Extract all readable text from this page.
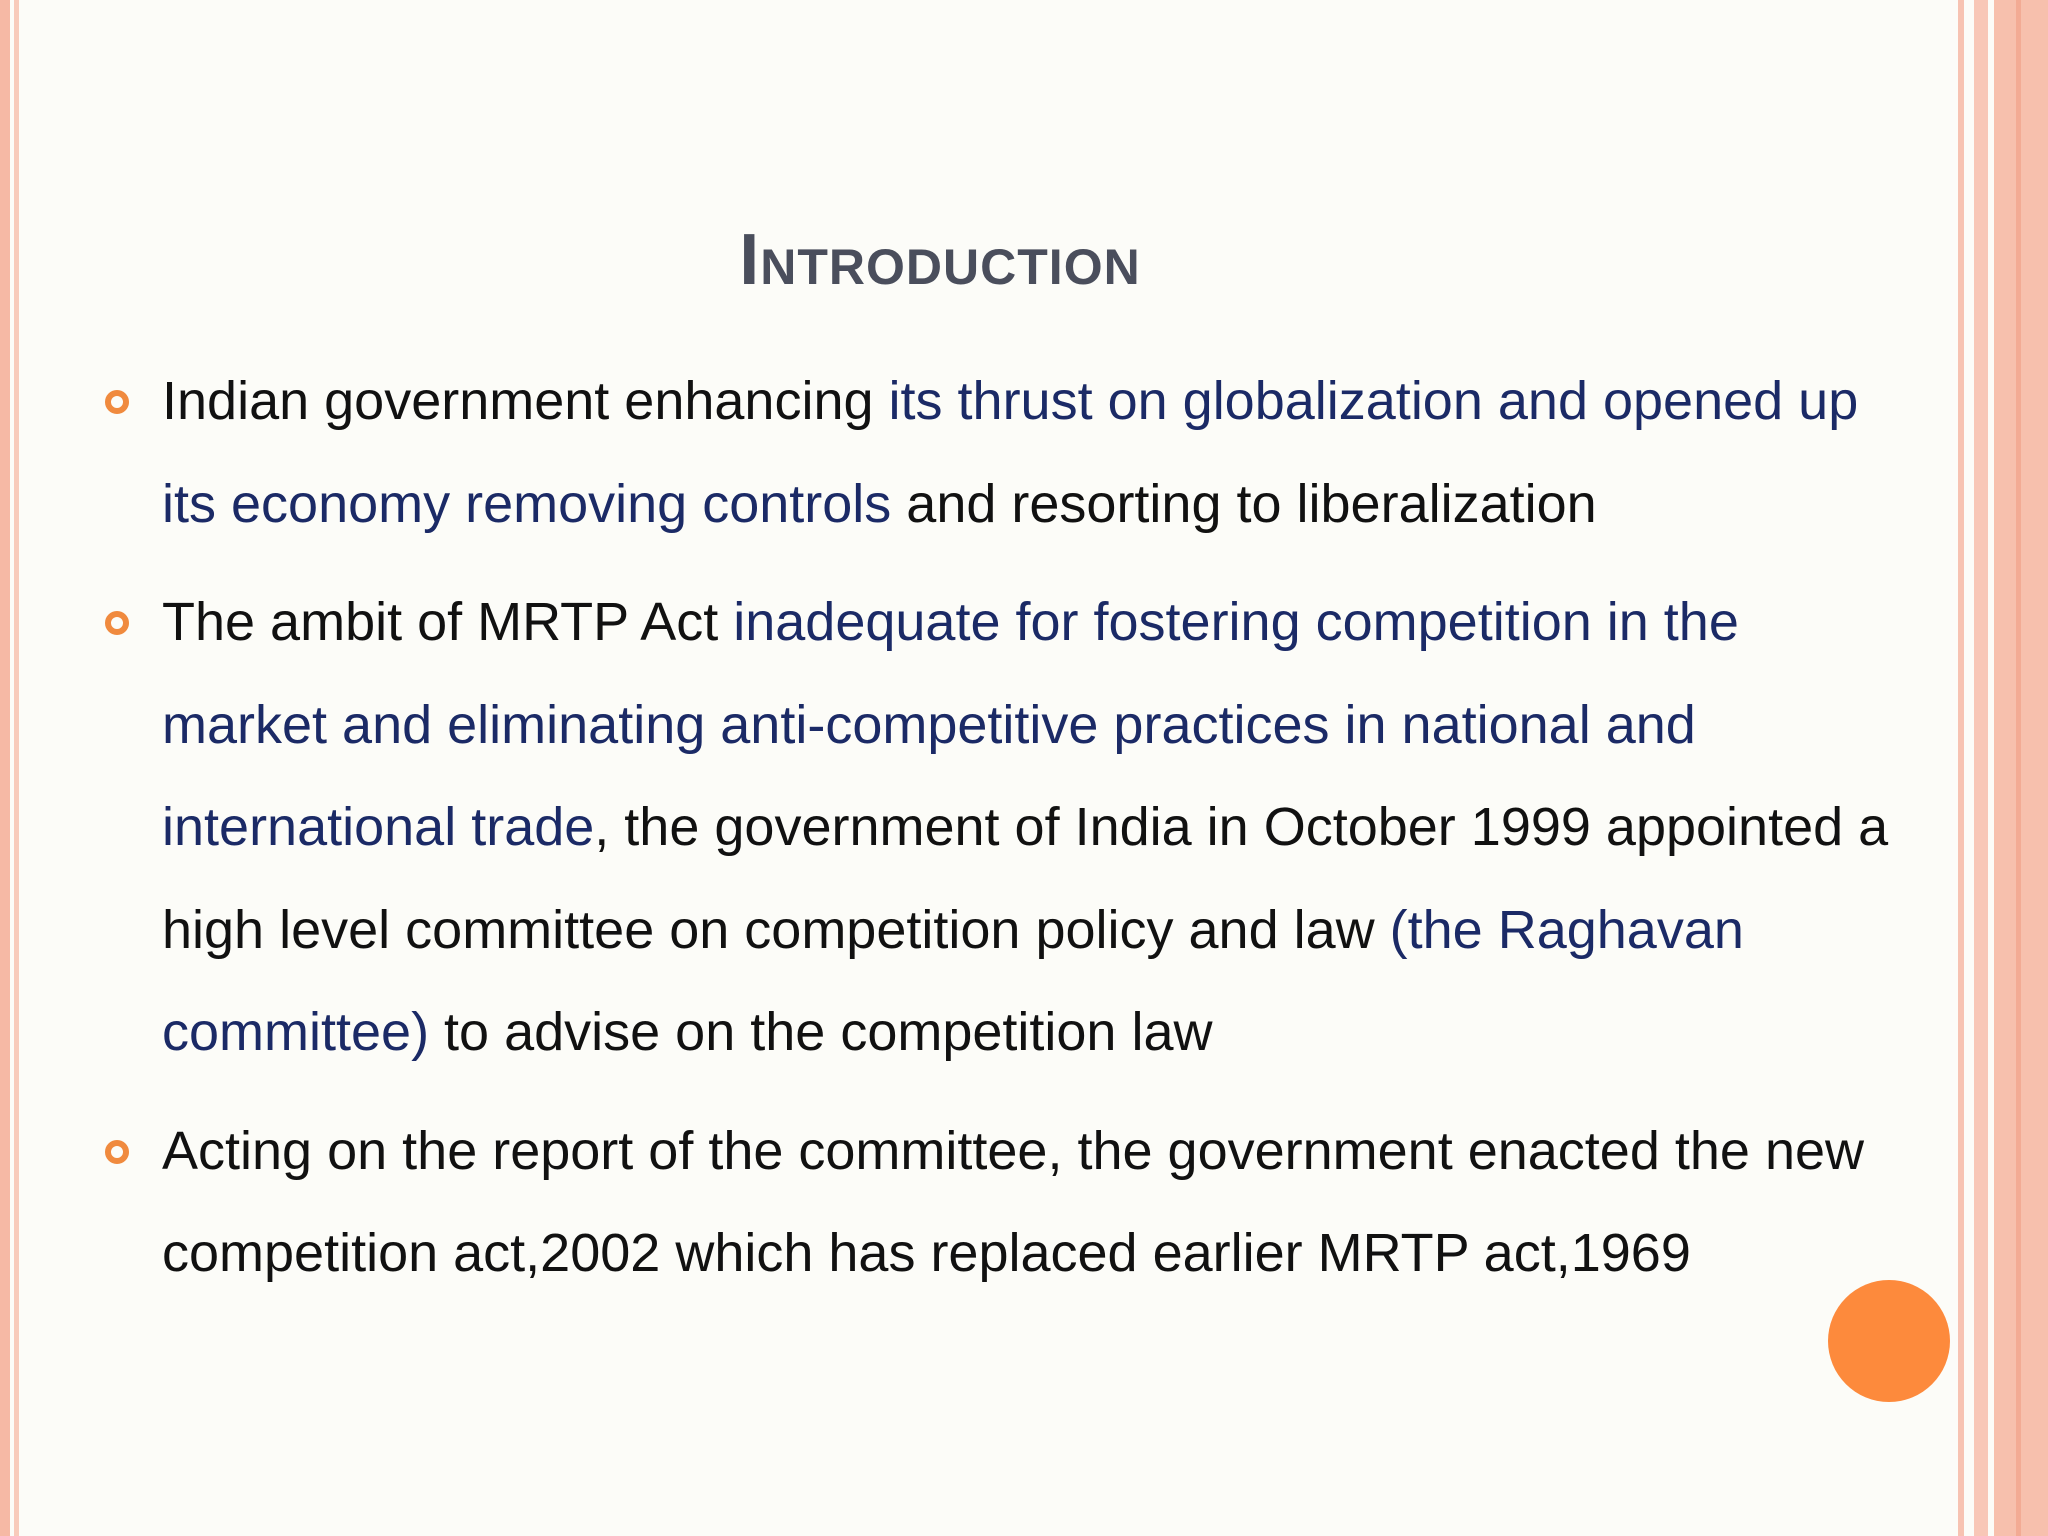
Introduction
Indian government enhancing its thrust on globalization and opened up its economy removing controls and resorting to liberalization
The ambit of MRTP Act inadequate for fostering competition in the market and eliminating anti-competitive practices in national and international trade, the government of India in October 1999 appointed a high level committee on competition policy and law (the Raghavan committee) to advise on the competition law
Acting on the report of the committee, the government enacted the new competition act,2002 which has replaced earlier MRTP act,1969
